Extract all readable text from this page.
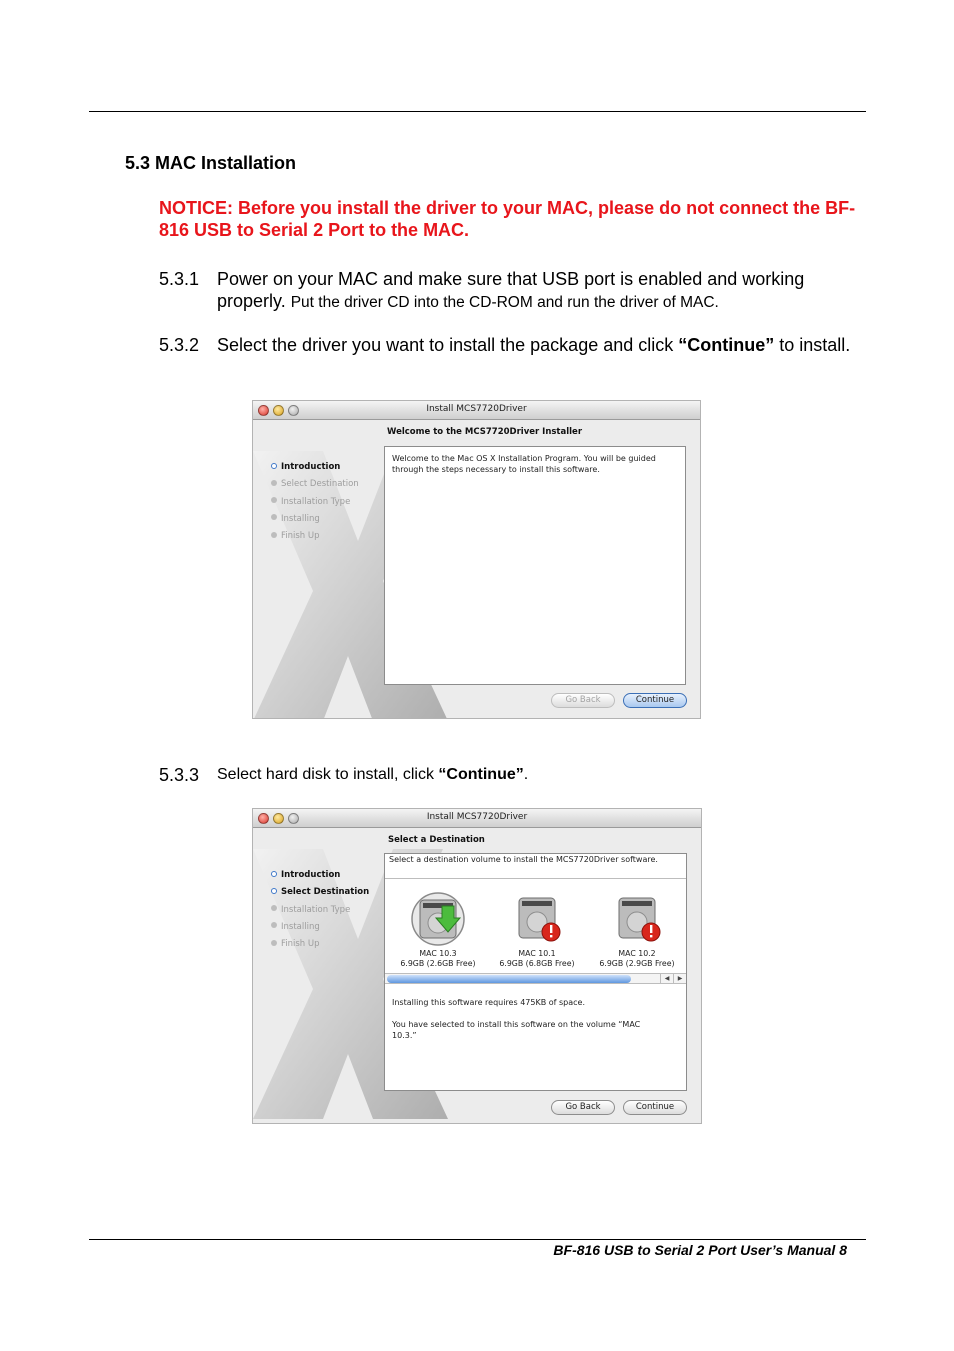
5.3 MAC Installation
NOTICE: Before you install the driver to your MAC, please do not connect the BF-816 USB to Serial 2 Port to the MAC.
5.3.1 Power on your MAC and make sure that USB port is enabled and working properly. Put the driver CD into the CD-ROM and run the driver of MAC.
5.3.2 Select the driver you want to install the package and click “Continue” to install.
Install MCS7720Driver
Welcome to the MCS7720Driver Installer
Introduction
Select Destination
Installation Type
Installing
Finish Up
Welcome to the Mac OS X Installation Program. You will be guided through the steps necessary to install this software.
Go Back	Continue
5.3.3 Select hard disk to install, click “Continue”.
Install MCS7720Driver
Select a Destination
Introduction
Select Destination
Installation Type
Installing
Finish Up
Select a destination volume to install the MCS7720Driver software.
MAC 10.3
6.9GB (2.6GB Free)
MAC 10.1
6.9GB (6.8GB Free)
MAC 10.2
6.9GB (2.9GB Free)
Installing this software requires 475KB of space.
You have selected to install this software on the volume “MAC 10.3.”
◀	▶
Go Back	Continue
BF-816 USB to Serial 2 Port User’s Manual 8
